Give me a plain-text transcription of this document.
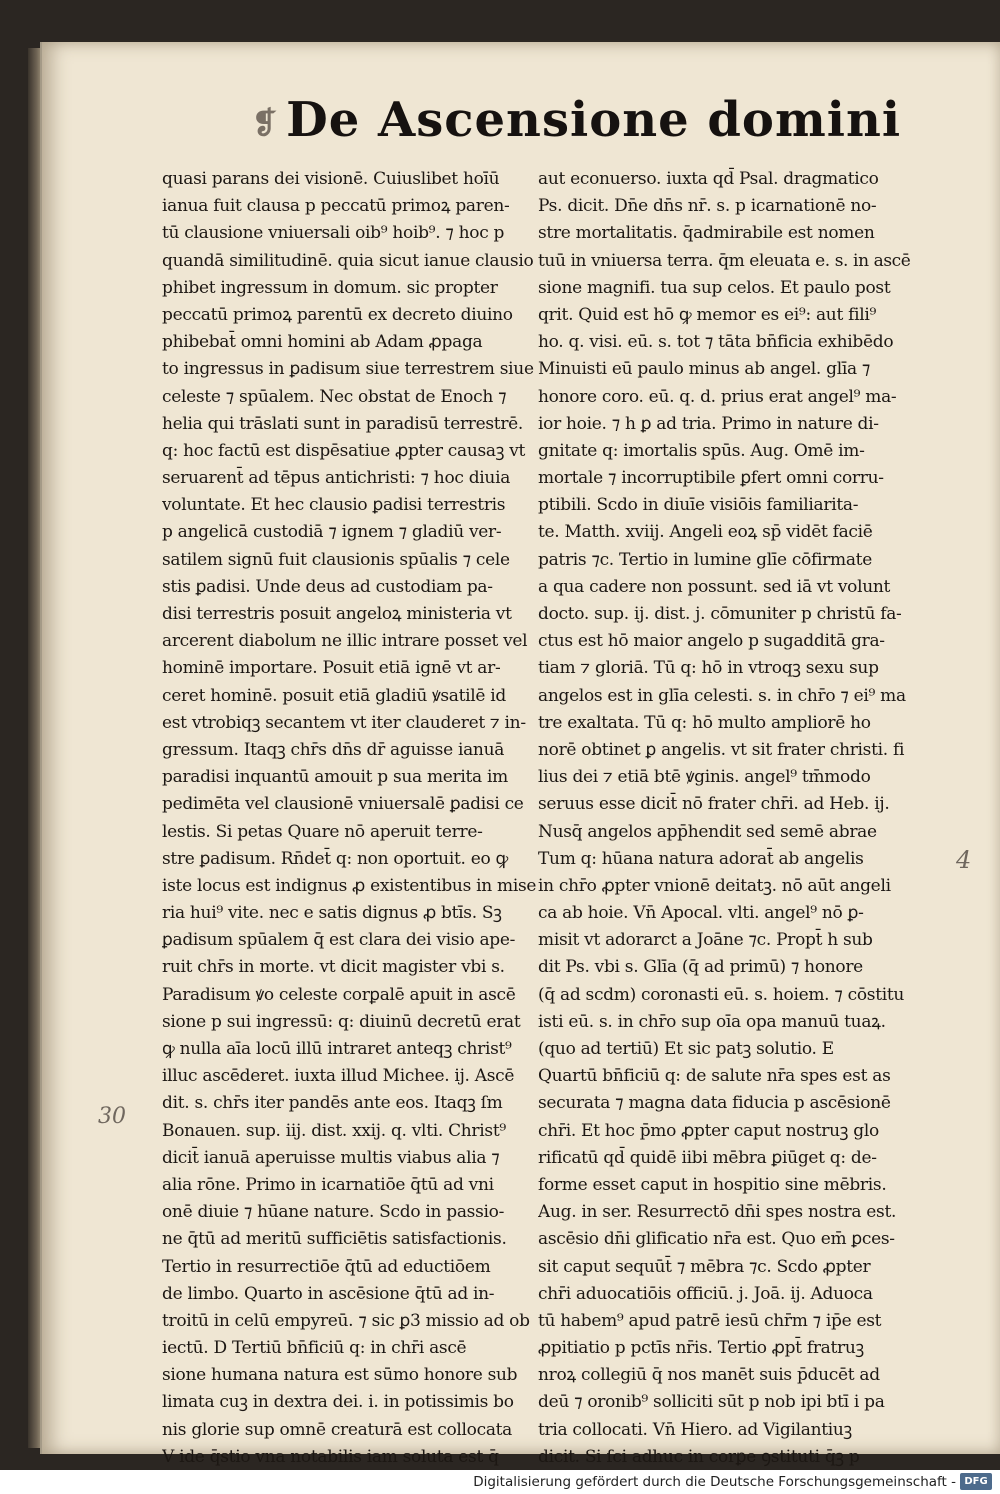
❡ De Ascensione domini
quasi parans dei visionē. Cuiuslibet hoīū
ianua fuit clausa p peccatū primoꝝ paren-
tū clausione vniuersali oib⁹ hoib⁹. ⁊ hoc p
quandā similitudinē. quia sicut ianue clausio
phibet ingressum in domum. sic propter
peccatū primoꝝ parentū ex decreto diuino
phibebat̄ omni homini ab Adam ꝓpaga
to ingressus in ꝑadisum siue terrestrem siue
celeste ⁊ spūalem. Nec obstat de Enoch ⁊
helia qui trāslati sunt in paradisū terrestrē.
q: hoc factū est dispēsatiue ꝓpter causaꝫ vt
seruarent̄ ad tēpus antichristi: ⁊ hoc diuia
voluntate. Et hec clausio ꝑadisi terrestris
p angelicā custodiā ⁊ ignem ⁊ gladiū ver-
satilem signū fuit clausionis spūalis ⁊ cele
stis ꝑadisi. Unde deus ad custodiam pa-
disi terrestris posuit angeloꝝ ministeria vt
arcerent diabolum ne illic intrare posset vel
hominē importare. Posuit etiā ignē vt ar-
ceret hominē. posuit etiā gladiū ꝟsatilē id
est vtrobiqꝫ secantem vt iter clauderet ⁊ in-
gressum. Itaqꝫ chr̄s dn̄s dr̄ aguisse ianuā
paradisi inquantū amouit p sua merita im
pedimēta vel clausionē vniuersalē ꝑadisi ce
lestis. Si petas Quare nō aperuit terre-
stre ꝑadisum. Rn̄det̄ q: non oportuit. eo ꝙ
iste locus est indignus ꝓ existentibus in mise
ria hui⁹ vite. nec e satis dignus ꝓ btīs. Sꝫ
ꝑadisum spūalem q̄ est clara dei visio ape-
ruit chr̄s in morte. vt dicit magister vbi s.
Paradisum ꝟo celeste corꝑalē apuit in ascē
sione p sui ingressū: q: diuinū decretū erat
ꝙ nulla aīa locū illū intraret anteqꝫ christ⁹
illuc ascēderet. iuxta illud Michee. ij. Ascē
dit. s. chr̄s iter pandēs ante eos. Itaqꝫ ſm
Bonauen. sup. iij. dist. xxij. q. vlti. Christ⁹
dicit̄ ianuā aperuisse multis viabus alia ⁊
alia rōne. Primo in icarnatiōe q̄tū ad vni
onē diuie ⁊ hūane nature. Scdo in passio-
ne q̄tū ad meritū sufficiētis satisfactionis.
Tertio in resurrectiōe q̄tū ad eductiōem
de limbo. Quarto in ascēsione q̄tū ad in-
troitū in celū empyreū. ⁊ sic ꝑ3 missio ad ob
iectū. D Tertiū bn̄ficiū q: in chr̄i ascē
sione humana natura est sūmo honore sub
limata cuꝫ in dextra dei. i. in potissimis bo
nis glorie sup omnē creaturā est collocata
V ide q̄stio vna notabilis iam soluta est q̄
aut econuerso. iuxta qd̄ Psal. dragmatico
Ps. dicit. Dn̄e dn̄s nr̄. s. p icarnationē no-
stre mortalitatis. q̄admirabile est nomen
tuū in vniuersa terra. q̄m eleuata e. s. in ascē
sione magnifi. tua sup celos. Et paulo post
qrit. Quid est hō ꝙ memor es ei⁹: aut fili⁹
ho. q. visi. eū. s. tot ⁊ tāta bn̄ficia exhibēdo
Minuisti eū paulo minus ab angel. glīa ⁊
honore coro. eū. q. d. prius erat angel⁹ ma-
ior hoie. ⁊ h ꝑ ad tria. Primo in nature di-
gnitate q: imortalis spūs. Aug. Omē im-
mortale ⁊ incorruptibile ꝑfert omni corru-
ptibili. Scdo in diuīe visiōis familiarita-
te. Matth. xviij. Angeli eoꝝ sp̄ vidēt faciē
patris ⁊c. Tertio in lumine glīe cōfirmate
a qua cadere non possunt. sed iā vt volunt
docto. sup. ij. dist. j. cōmuniter p christū fa-
ctus est hō maior angelo p sugadditā gra-
tiam ⁊ gloriā. Tū q: hō in vtroqꝫ sexu sup
angelos est in glīa celesti. s. in chr̄o ⁊ ei⁹ ma
tre exaltata. Tū q: hō multo ampliorē ho
norē obtinet ꝑ angelis. vt sit frater christi. fi
lius dei ⁊ etiā btē ꝟginis. angel⁹ tm̄modo
seruus esse dicit̄ nō frater chr̄i. ad Heb. ij.
Nusq̄ angelos app̄hendit sed semē abrae
Tum q: hūana natura adorat̄ ab angelis
in chr̄o ꝓpter vnionē deitatꝫ. nō aūt angeli
ca ab hoie. Vn̄ Apocal. vlti. angel⁹ nō ꝑ-
misit vt adorarct a Joāne ⁊c. Propt̄ h sub
dit Ps. vbi s. Glīa (q̄ ad primū) ⁊ honore
(q̄ ad scdm) coronasti eū. s. hoiem. ⁊ cōstitu
isti eū. s. in chr̄o sup oīa opa manuū tuaꝝ.
(quo ad tertiū) Et sic patꝫ solutio. E
Quartū bn̄ficiū q: de salute nr̄a spes est as
securata ⁊ magna data fiducia p ascēsionē
chr̄i. Et hoc p̄mo ꝓpter caput nostruꝫ glo
rificatū qd̄ quidē iibi mēbra ꝑiūget q: de-
forme esset caput in hospitio sine mēbris.
Aug. in ser. Resurrectō dn̄i spes nostra est.
ascēsio dn̄i glificatio nr̄a est. Quo em̄ ꝑces-
sit caput sequūt̄ ⁊ mēbra ⁊c. Scdo ꝓpter
chr̄i aduocatiōis officiū. j. Joā. ij. Aduoca
tū habem⁹ apud patrē iesū chr̄m ⁊ ip̄e est
ꝓpitiatio p pctīs nr̄is. Tertio ꝓpt̄ fratruꝫ
nroꝝ collegiū q̄ nos manēt suis p̄ducēt ad
deū ⁊ oronib⁹ solliciti sūt p nob ipi btī i pa
tria collocati. Vn̄ Hiero. ad Vigilantiuꝫ
dicit. Si ſci adhuc in corꝑe ꝯstituti q̄ꝫ p
30
4

Digitalisierung gefördert durch die Deutsche Forschungsgemeinschaft - DFG
